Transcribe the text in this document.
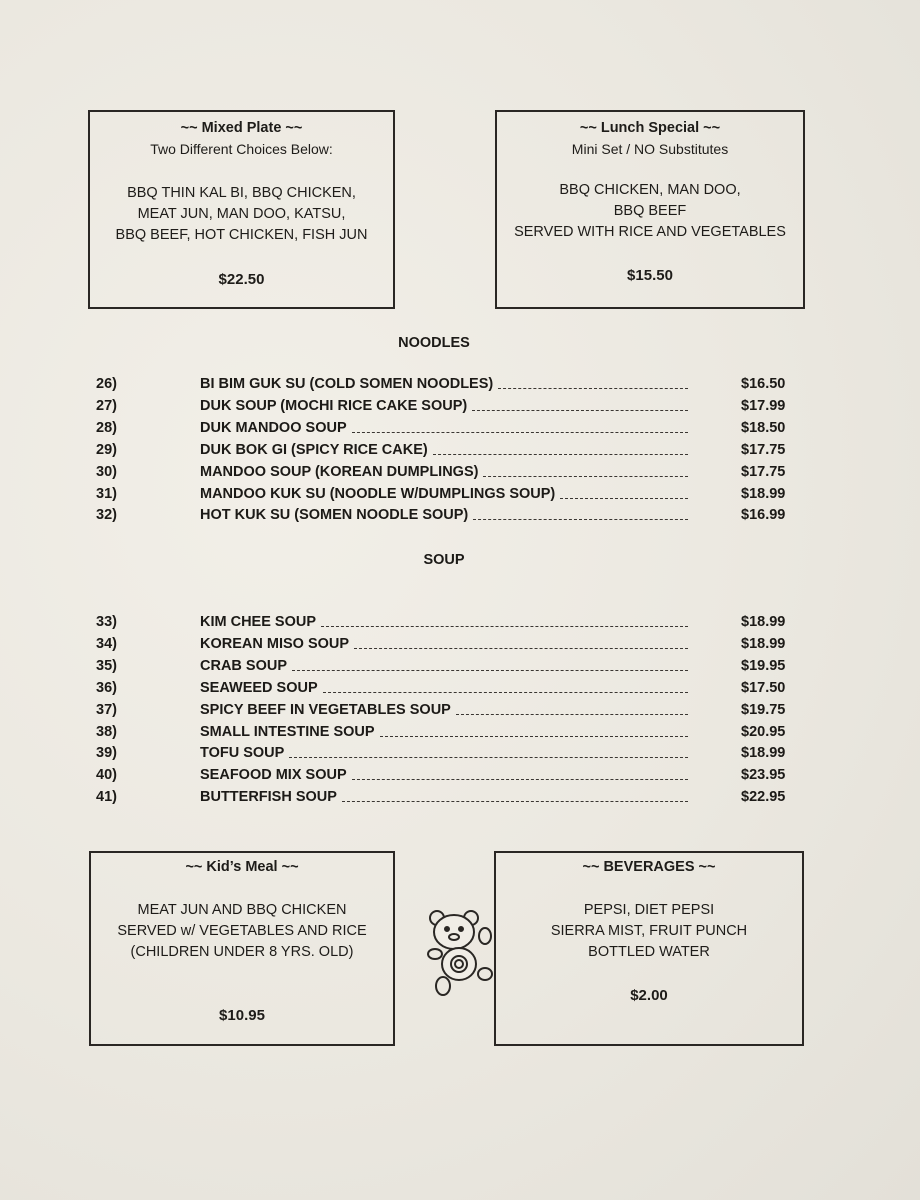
~~ Mixed Plate ~~
Two Different Choices Below:
BBQ THIN KAL BI, BBQ CHICKEN,
MEAT JUN, MAN DOO, KATSU,
BBQ BEEF, HOT CHICKEN, FISH JUN
$22.50
~~ Lunch Special ~~
Mini Set / NO Substitutes
BBQ CHICKEN, MAN DOO,
BBQ BEEF
SERVED WITH RICE AND VEGETABLES
$15.50
NOODLES
26)	BI BIM GUK SU (COLD SOMEN NOODLES)	$16.50
27)	DUK SOUP (MOCHI RICE CAKE SOUP)	$17.99
28)	DUK MANDOO SOUP	$18.50
29)	DUK BOK GI (SPICY RICE CAKE)	$17.75
30)	MANDOO SOUP (KOREAN DUMPLINGS)	$17.75
31)	MANDOO KUK SU (NOODLE W/DUMPLINGS SOUP)	$18.99
32)	HOT KUK SU (SOMEN NOODLE SOUP)	$16.99
SOUP
33)	KIM CHEE SOUP	$18.99
34)	KOREAN MISO SOUP	$18.99
35)	CRAB SOUP	$19.95
36)	SEAWEED SOUP	$17.50
37)	SPICY BEEF IN VEGETABLES SOUP	$19.75
38)	SMALL INTESTINE SOUP	$20.95
39)	TOFU SOUP	$18.99
40)	SEAFOOD MIX SOUP	$23.95
41)	BUTTERFISH SOUP	$22.95
~~ Kid’s Meal ~~
MEAT JUN AND BBQ CHICKEN
SERVED w/ VEGETABLES AND RICE
(CHILDREN UNDER 8 YRS. OLD)
$10.95
~~ BEVERAGES ~~
PEPSI, DIET PEPSI
SIERRA MIST, FRUIT PUNCH
BOTTLED WATER
$2.00
